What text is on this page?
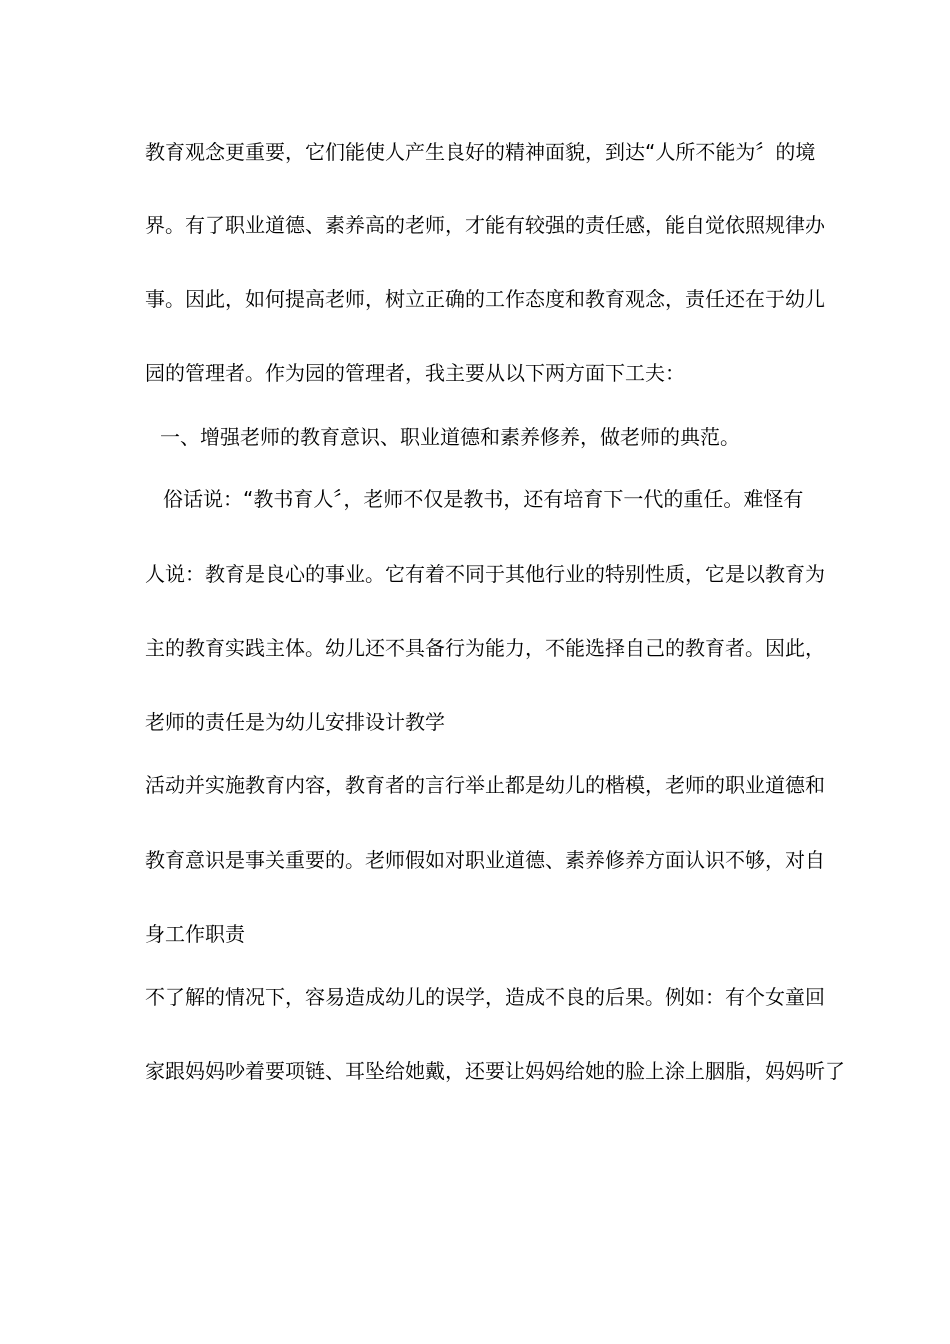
教育观念更重要，它们能使人产生良好的精神面貌，到达“人所不能为〞的境
界。有了职业道德、素养高的老师，才能有较强的责任感，能自觉依照规律办
事。因此，如何提高老师，树立正确的工作态度和教育观念，责任还在于幼儿
园的管理者。作为园的管理者，我主要从以下两方面下工夫：
一、增强老师的教育意识、职业道德和素养修养，做老师的典范。
俗话说：“教书育人〞，老师不仅是教书，还有培育下一代的重任。难怪有
人说：教育是良心的事业。它有着不同于其他行业的特别性质，它是以教育为
主的教育实践主体。幼儿还不具备行为能力，不能选择自己的教育者。因此，
老师的责任是为幼儿安排设计教学
活动并实施教育内容，教育者的言行举止都是幼儿的楷模，老师的职业道德和
教育意识是事关重要的。老师假如对职业道德、素养修养方面认识不够，对自
身工作职责
不了解的情况下，容易造成幼儿的误学，造成不良的后果。例如：有个女童回
家跟妈妈吵着要项链、耳坠给她戴，还要让妈妈给她的脸上涂上胭脂，妈妈听了
